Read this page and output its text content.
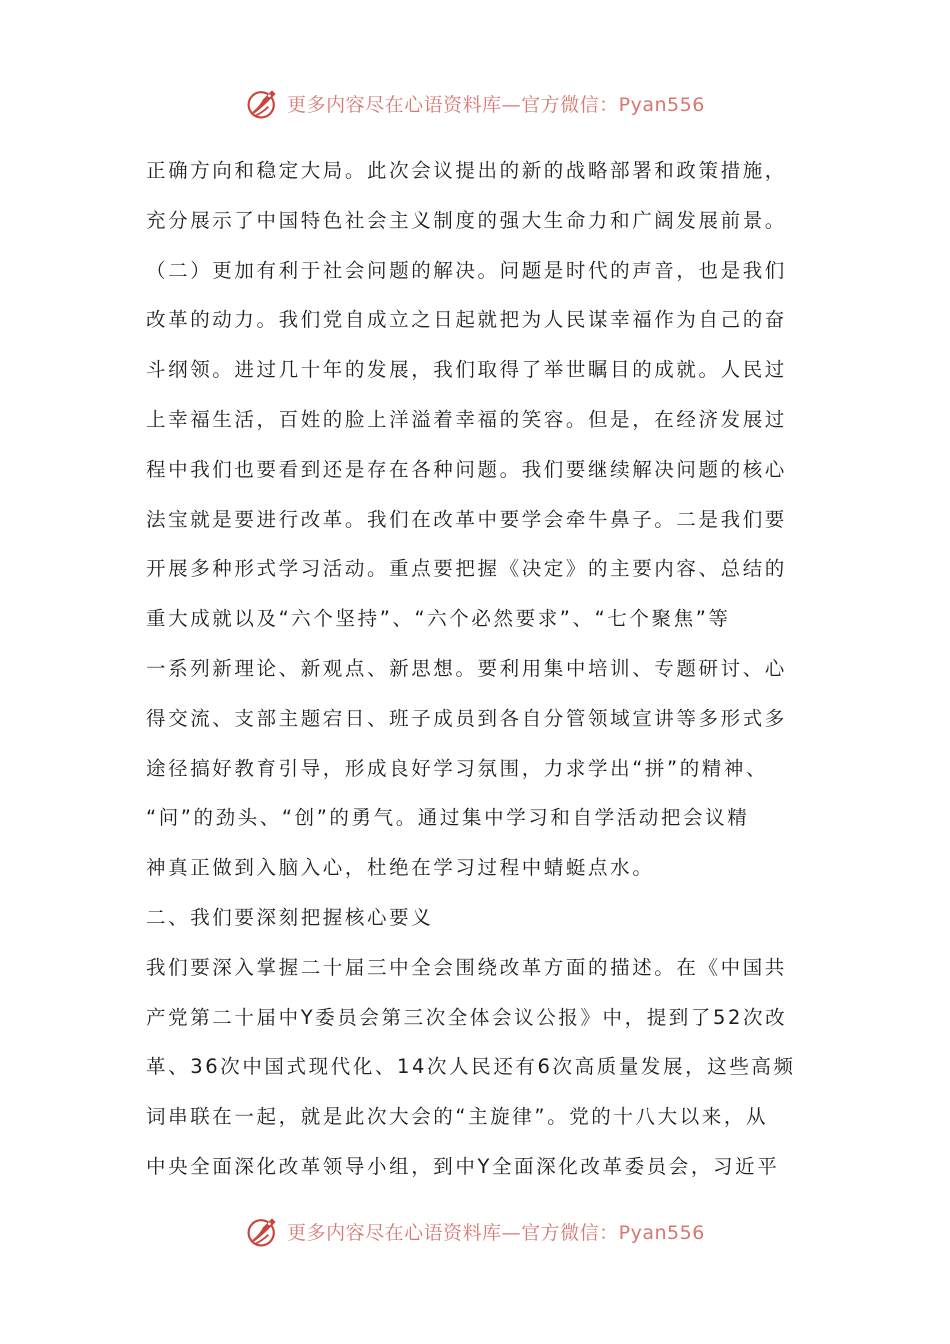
更多内容尽在心语资料库—官方微信：Pyan556
正确方向和稳定大局。此次会议提出的新的战略部署和政策措施，
充分展示了中国特色社会主义制度的强大生命力和广阔发展前景。
（二）更加有利于社会问题的解决。问题是时代的声音，也是我们
改革的动力。我们党自成立之日起就把为人民谋幸福作为自己的奋
斗纲领。进过几十年的发展，我们取得了举世瞩目的成就。人民过
上幸福生活，百姓的脸上洋溢着幸福的笑容。但是，在经济发展过
程中我们也要看到还是存在各种问题。我们要继续解决问题的核心
法宝就是要进行改革。我们在改革中要学会牵牛鼻子。二是我们要
开展多种形式学习活动。重点要把握《决定》的主要内容、总结的
重大成就以及“六个坚持”、“六个必然要求”、“七个聚焦”等
一系列新理论、新观点、新思想。要利用集中培训、专题研讨、心
得交流、支部主题宕日、班子成员到各自分管领域宣讲等多形式多
途径搞好教育引导，形成良好学习氛围，力求学出“拼”的精神、
“问”的劲头、“创”的勇气。通过集中学习和自学活动把会议精
神真正做到入脑入心，杜绝在学习过程中蜻蜓点水。
二、我们要深刻把握核心要义
我们要深入掌握二十届三中全会围绕改革方面的描述。在《中国共
产党第二十届中Y委员会第三次全体会议公报》中，提到了52次改
革、36次中国式现代化、14次人民还有6次高质量发展，这些高频
词串联在一起，就是此次大会的“主旋律”。党的十八大以来，从
中央全面深化改革领导小组，到中Y全面深化改革委员会，习近平
更多内容尽在心语资料库—官方微信：Pyan556
